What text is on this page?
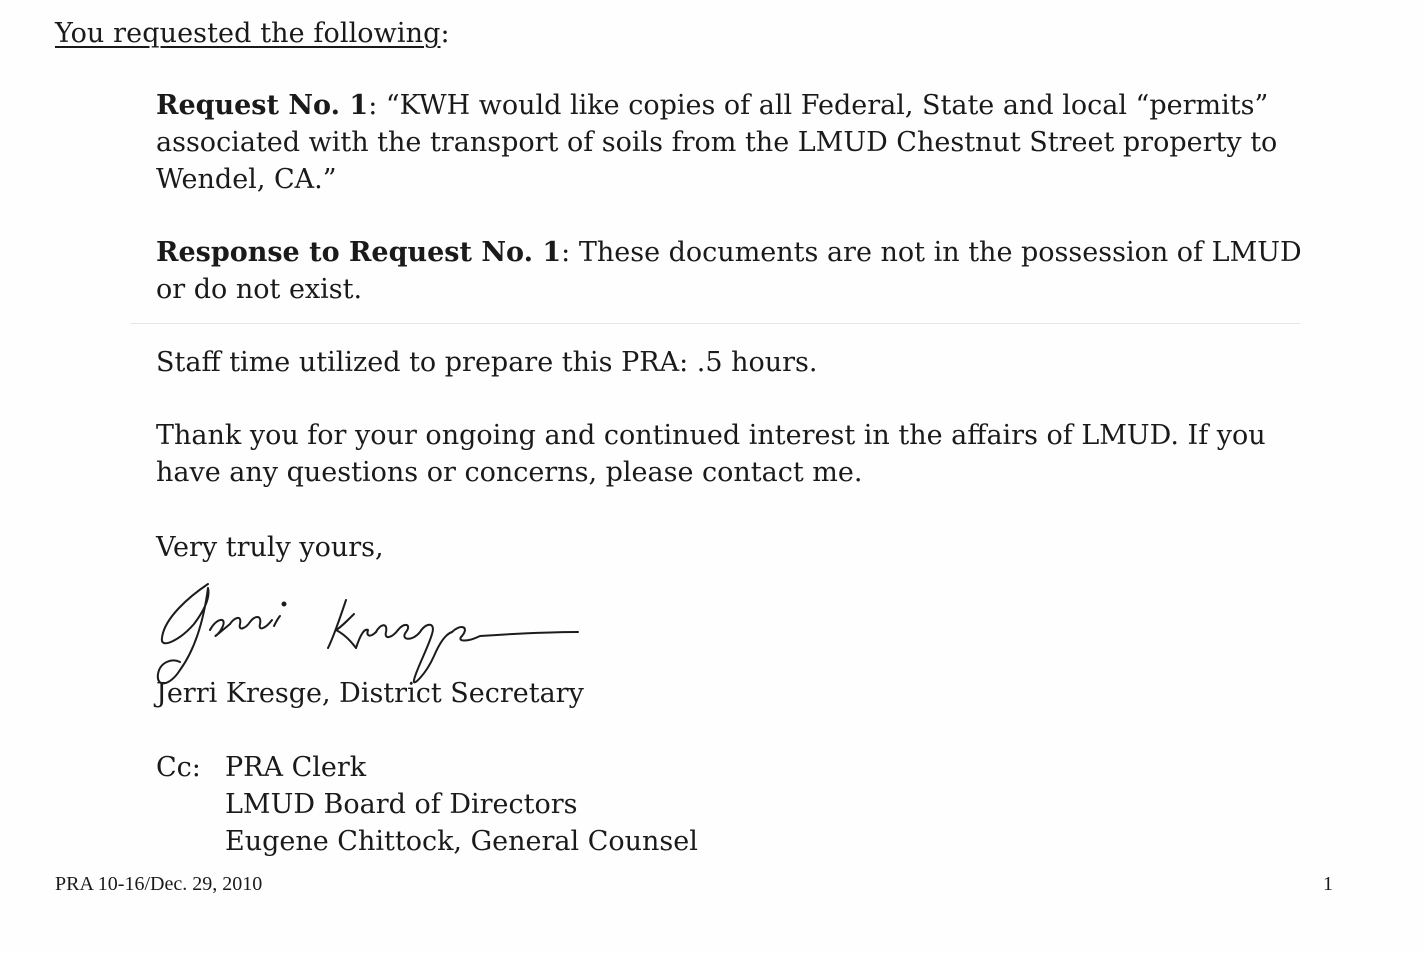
You requested the following:
Request No. 1: “KWH would like copies of all Federal, State and local “permits”
associated with the transport of soils from the LMUD Chestnut Street property to
Wendel, CA.”
Response to Request No. 1: These documents are not in the possession of LMUD
or do not exist.
Staff time utilized to prepare this PRA: .5 hours.
Thank you for your ongoing and continued interest in the affairs of LMUD. If you
have any questions or concerns, please contact me.
Very truly yours,
Jerri Kresge, District Secretary
Cc: PRA Clerk
LMUD Board of Directors
Eugene Chittock, General Counsel
PRA 10-16/Dec. 29, 2010	1
